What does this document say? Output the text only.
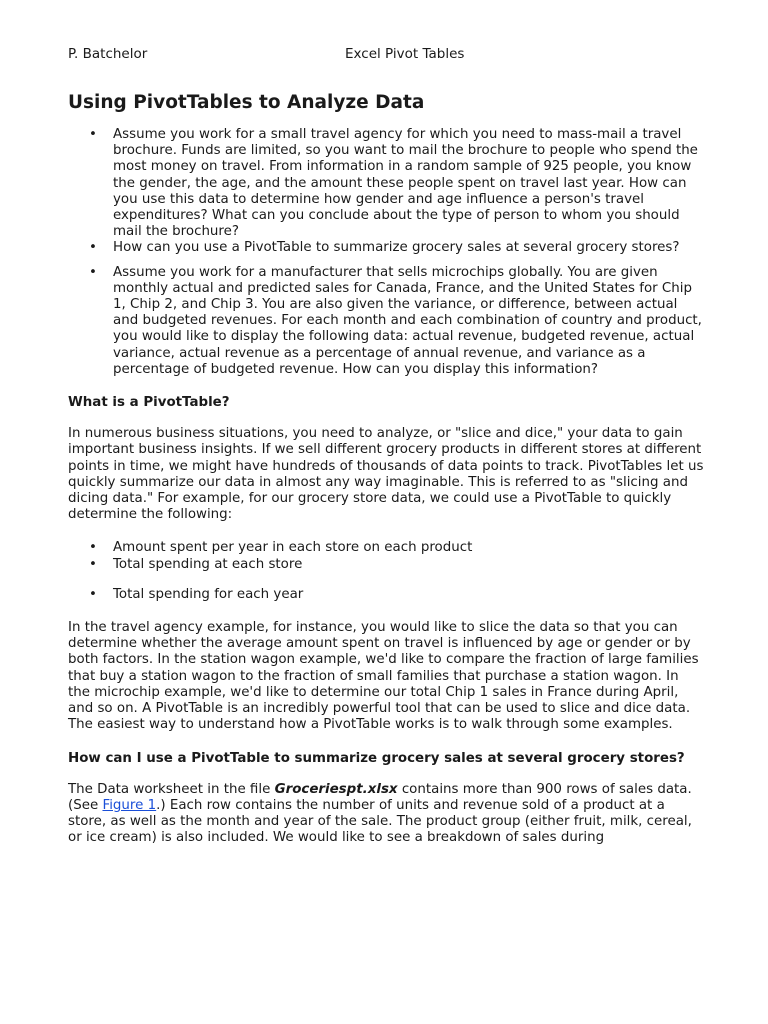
P. Batchelor	Excel Pivot Tables
Using PivotTables to Analyze Data
• Assume you work for a small travel agency for which you need to mass-mail a travel brochure. Funds are limited, so you want to mail the brochure to people who spend the most money on travel. From information in a random sample of 925 people, you know the gender, the age, and the amount these people spent on travel last year. How can you use this data to determine how gender and age influence a person's travel expenditures? What can you conclude about the type of person to whom you should mail the brochure?
• How can you use a PivotTable to summarize grocery sales at several grocery stores?
• Assume you work for a manufacturer that sells microchips globally. You are given monthly actual and predicted sales for Canada, France, and the United States for Chip 1, Chip 2, and Chip 3. You are also given the variance, or difference, between actual and budgeted revenues. For each month and each combination of country and product, you would like to display the following data: actual revenue, budgeted revenue, actual variance, actual revenue as a percentage of annual revenue, and variance as a percentage of budgeted revenue. How can you display this information?
What is a PivotTable?

In numerous business situations, you need to analyze, or "slice and dice," your data to gain important business insights. If we sell different grocery products in different stores at different points in time, we might have hundreds of thousands of data points to track. PivotTables let us quickly summarize our data in almost any way imaginable. This is referred to as "slicing and dicing data." For example, for our grocery store data, we could use a PivotTable to quickly determine the following:

• Amount spent per year in each store on each product
• Total spending at each store
• Total spending for each year

In the travel agency example, for instance, you would like to slice the data so that you can determine whether the average amount spent on travel is influenced by age or gender or by both factors. In the station wagon example, we'd like to compare the fraction of large families that buy a station wagon to the fraction of small families that purchase a station wagon. In the microchip example, we'd like to determine our total Chip 1 sales in France during April, and so on. A PivotTable is an incredibly powerful tool that can be used to slice and dice data. The easiest way to understand how a PivotTable works is to walk through some examples.

How can I use a PivotTable to summarize grocery sales at several grocery stores?

The Data worksheet in the file Groceriespt.xlsx contains more than 900 rows of sales data. (See Figure 1.) Each row contains the number of units and revenue sold of a product at a store, as well as the month and year of the sale. The product group (either fruit, milk, cereal, or ice cream) is also included. We would like to see a breakdown of sales during
